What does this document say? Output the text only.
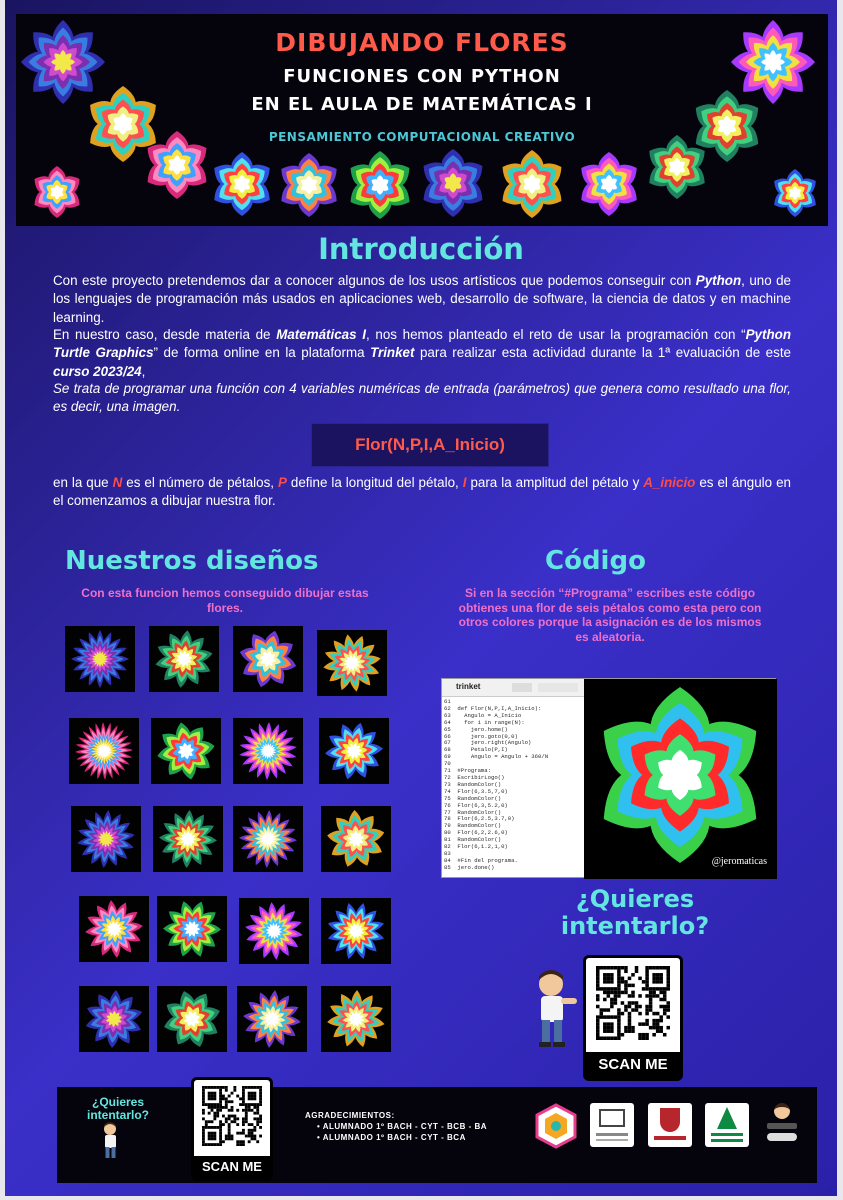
DIBUJANDO FLORES
FUNCIONES CON PYTHON
EN EL AULA DE MATEMÁTICAS I
PENSAMIENTO COMPUTACIONAL CREATIVO
Introducción
Con este proyecto pretendemos dar a conocer algunos de los usos artísticos que podemos conseguir con Python, uno de los lenguajes de programación más usados en aplicaciones web, desarrollo de software, la ciencia de datos y en machine learning.
En nuestro caso, desde materia de Matemáticas I, nos hemos planteado el reto de usar la programación con “Python Turtle Graphics” de forma online en la plataforma Trinket para realizar esta actividad durante la 1ª evaluación de este curso 2023/24,
Se trata de programar una función con 4 variables numéricas de entrada (parámetros) que genera como resultado una flor, es decir, una imagen.
Flor(N,P,I,A_Inicio)
en la que N es el número de pétalos, P define la longitud del pétalo, I para la amplitud del pétalo y A_inicio es el ángulo en el comenzamos a dibujar nuestra flor.
Nuestros diseños
Con esta funcion hemos conseguido dibujar estas flores.
Código
Si en la sección “#Programa” escribes este código obtienes una flor de seis pétalos como esta pero con otros colores porque la asignación es de los mismos es aleatoria.
trinket
61
62  def Flor(N,P,I,A_Inicio):
63    Angulo = A_Inicio
64    for i in range(N):
65      jero.home()
66      jero.goto(0,0)
67      jero.right(Angulo)
68      Petalo(P,I)
69      Angulo = Angulo + 360/N
70
71  #Programa:
72  EscribirLogo()
73  RandomColor()
74  Flor(6,3.5,7,0)
75  RandomColor()
76  Flor(6,3,5.2,0)
77  RandomColor()
78  Flor(6,2.5,3.7,0)
79  RandomColor()
80  Flor(6,2,2.6,0)
81  RandomColor()
82  Flor(6,1.2,1,0)
83
84  #Fin del programa.
85  jero.done()
@jeromaticas
¿Quieres intentarlo?
SCAN ME
¿Quieres intentarlo?
SCAN ME
AGRADECIMIENTOS:
• ALUMNADO 1º BACH - CYT - BCB - BA
• ALUMNADO 1º BACH - CYT - BCA
